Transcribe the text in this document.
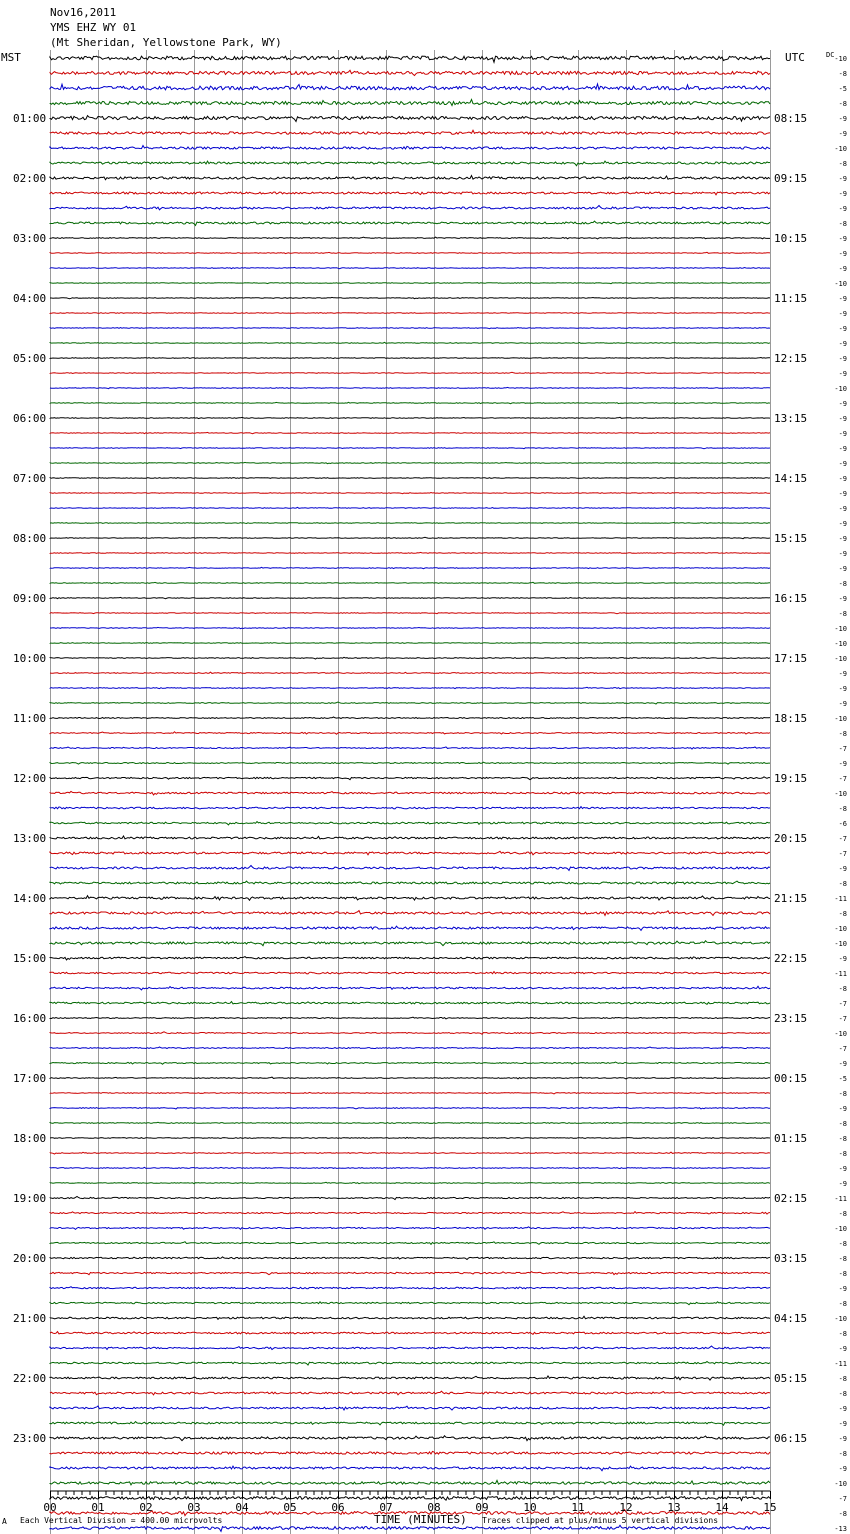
Nov16,2011
YMS EHZ WY 01
(Mt Sheridan, Yellowstone Park, WY)
MST	UTC	DC
01:00
02:00
03:00
04:00
05:00
06:00
07:00
08:00
09:00
10:00
11:00
12:00
13:00
14:00
15:00
16:00
17:00
18:00
19:00
20:00
21:00
22:00
23:00
08:15
09:15
10:15
11:15
12:15
13:15
14:15
15:15
16:15
17:15
18:15
19:15
20:15
21:15
22:15
23:15
00:15
01:15
02:15
03:15
04:15
05:15
06:15
-10
-8
-5
-8
-9
-9
-10
-8
-9
-9
-9
-8
-9
-9
-9
-10
-9
-9
-9
-9
-9
-9
-10
-9
-9
-9
-9
-9
-9
-9
-9
-9
-9
-9
-9
-8
-9
-8
-10
-10
-10
-9
-9
-9
-10
-8
-7
-9
-7
-10
-8
-6
-7
-7
-9
-8
-11
-8
-10
-10
-9
-11
-8
-7
-7
-10
-7
-9
-5
-8
-9
-8
-8
-8
-9
-9
-11
-8
-10
-8
-8
-8
-9
-8
-10
-8
-9
-11
-8
-8
-9
-9
-9
-8
-9
-10
-7
-8
-13
00	01	02	03	04	05	06	07	08	09	10	11	12	13	14	15
A Each Vertical Division = 400.00 microvolts	TIME (MINUTES) Traces clipped at plus/minus 5 vertical divisions
